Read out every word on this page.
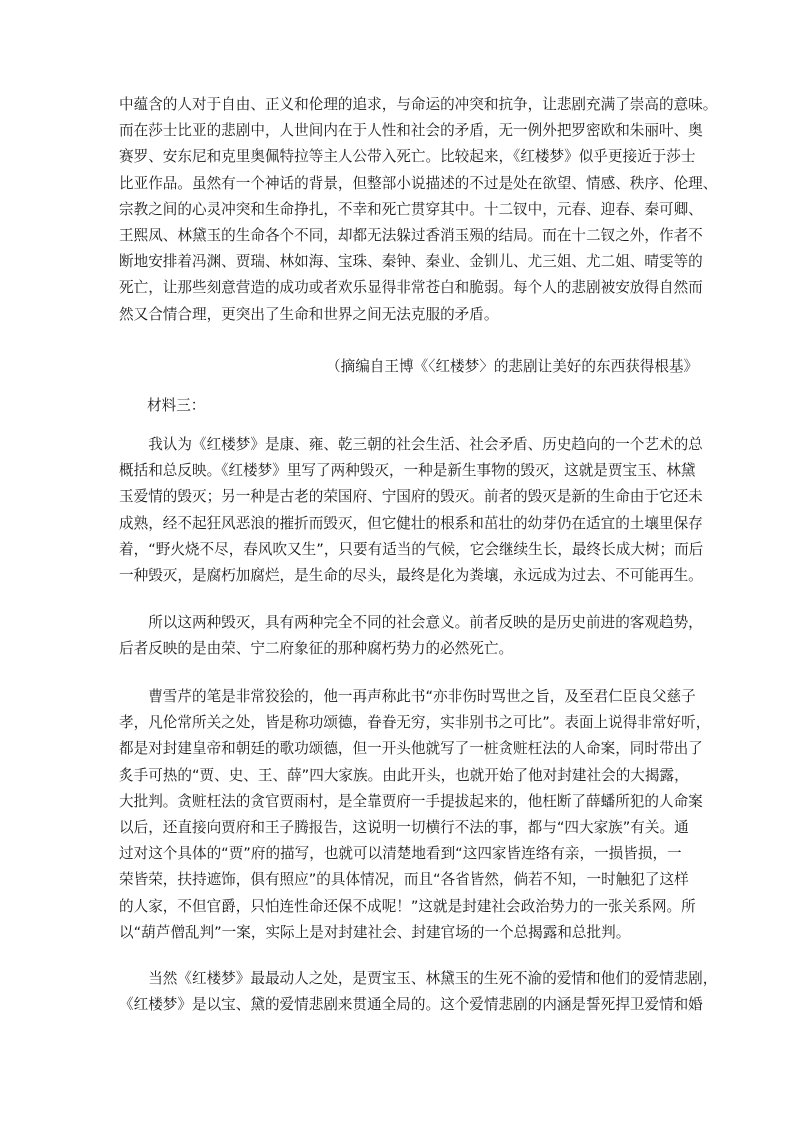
中蕴含的人对于自由、正义和伦理的追求，与命运的冲突和抗争，让悲剧充满了崇高的意味。
而在莎士比亚的悲剧中，人世间内在于人性和社会的矛盾，无一例外把罗密欧和朱丽叶、奥
赛罗、安东尼和克里奥佩特拉等主人公带入死亡。比较起来，《红楼梦》似乎更接近于莎士
比亚作品。虽然有一个神话的背景，但整部小说描述的不过是处在欲望、情感、秩序、伦理、
宗教之间的心灵冲突和生命挣扎，不幸和死亡贯穿其中。十二钗中，元春、迎春、秦可卿、
王熙凤、林黛玉的生命各个不同，却都无法躲过香消玉殒的结局。而在十二钗之外，作者不
断地安排着冯渊、贾瑞、林如海、宝珠、秦钟、秦业、金钏儿、尤三姐、尤二姐、晴雯等的
死亡，让那些刻意营造的成功或者欢乐显得非常苍白和脆弱。每个人的悲剧被安放得自然而
然又合情合理，更突出了生命和世界之间无法克服的矛盾。

（摘编自王博《〈红楼梦〉的悲剧让美好的东西获得根基》

材料三：

　　我认为《红楼梦》是康、雍、乾三朝的社会生活、社会矛盾、历史趋向的一个艺术的总
概括和总反映。《红楼梦》里写了两种毁灭，一种是新生事物的毁灭，这就是贾宝玉、林黛
玉爱情的毁灭；另一种是古老的荣国府、宁国府的毁灭。前者的毁灭是新的生命由于它还未
成熟，经不起狂风恶浪的摧折而毁灭，但它健壮的根系和茁壮的幼芽仍在适宜的土壤里保存
着，“野火烧不尽，春风吹又生”，只要有适当的气候，它会继续生长，最终长成大树；而后
一种毁灭，是腐朽加腐烂，是生命的尽头，最终是化为粪壤，永远成为过去、不可能再生。
　　所以这两种毁灭，具有两种完全不同的社会意义。前者反映的是历史前进的客观趋势，
后者反映的是由荣、宁二府象征的那种腐朽势力的必然死亡。
　　曹雪芹的笔是非常狡狯的，他一再声称此书“亦非伤时骂世之旨，及至君仁臣良父慈子
孝，凡伦常所关之处，皆是称功颂德，眷眷无穷，实非别书之可比”。表面上说得非常好听，
都是对封建皇帝和朝廷的歌功颂德，但一开头他就写了一桩贪赃枉法的人命案，同时带出了
炙手可热的“贾、史、王、薛”四大家族。由此开头，也就开始了他对封建社会的大揭露，
大批判。贪赃枉法的贪官贾雨村，是全靠贾府一手提拔起来的，他枉断了薛蟠所犯的人命案
以后，还直接向贾府和王子腾报告，这说明一切横行不法的事，都与“四大家族”有关。通
过对这个具体的“贾”府的描写，也就可以清楚地看到“这四家皆连络有亲，一损皆损，一
荣皆荣，扶持遮饰，俱有照应”的具体情况，而且“各省皆然，倘若不知，一时触犯了这样
的人家，不但官爵，只怕连性命还保不成呢！”这就是封建社会政治势力的一张关系网。所
以“葫芦僧乱判”一案，实际上是对封建社会、封建官场的一个总揭露和总批判。
　　当然《红楼梦》最最动人之处，是贾宝玉、林黛玉的生死不渝的爱情和他们的爱情悲剧，
《红楼梦》是以宝、黛的爱情悲剧来贯通全局的。这个爱情悲剧的内涵是誓死捍卫爱情和婚
